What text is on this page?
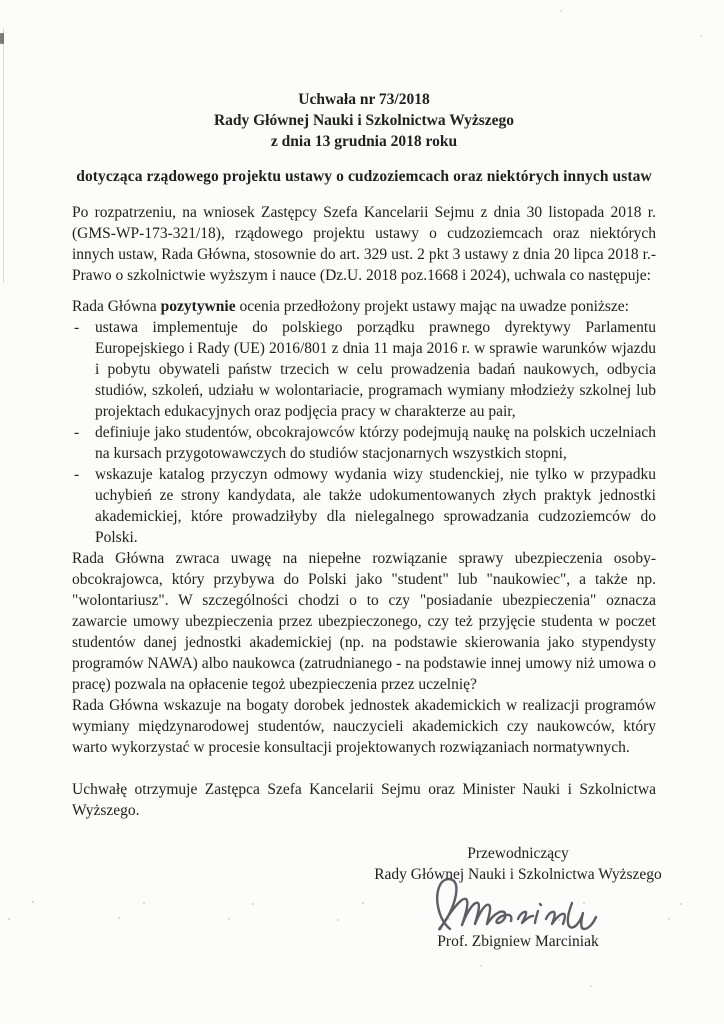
Uchwała nr 73/2018
Rady Głównej Nauki i Szkolnictwa Wyższego
z dnia 13 grudnia 2018 roku
dotycząca rządowego projektu ustawy o cudzoziemcach oraz niektórych innych ustaw

Po rozpatrzeniu, na wniosek Zastępcy Szefa Kancelarii Sejmu z dnia 30 listopada 2018 r. (GMS-WP-173-321/18), rządowego projektu ustawy o cudzoziemcach oraz niektórych innych ustaw, Rada Główna, stosownie do art. 329 ust. 2 pkt 3 ustawy z dnia 20 lipca 2018 r.- Prawo o szkolnictwie wyższym i nauce (Dz.U. 2018 poz.1668 i 2024), uchwala co następuje:

Rada Główna pozytywnie ocenia przedłożony projekt ustawy mając na uwadze poniższe:

- ustawa implementuje do polskiego porządku prawnego dyrektywy Parlamentu Europejskiego i Rady (UE) 2016/801 z dnia 11 maja 2016 r. w sprawie warunków wjazdu i pobytu obywateli państw trzecich w celu prowadzenia badań naukowych, odbycia studiów, szkoleń, udziału w wolontariacie, programach wymiany młodzieży szkolnej lub projektach edukacyjnych oraz podjęcia pracy w charakterze au pair,
- definiuje jako studentów, obcokrajowców którzy podejmują naukę na polskich uczelniach na kursach przygotowawczych do studiów stacjonarnych wszystkich stopni,
- wskazuje katalog przyczyn odmowy wydania wizy studenckiej, nie tylko w przypadku uchybień ze strony kandydata, ale także udokumentowanych złych praktyk jednostki akademickiej, które prowadziłyby dla nielegalnego sprowadzania cudzoziemców do Polski.

Rada Główna zwraca uwagę na niepełne rozwiązanie sprawy ubezpieczenia osoby-obcokrajowca, który przybywa do Polski jako "student" lub "naukowiec", a także np. "wolontariusz". W szczególności chodzi o to czy "posiadanie ubezpieczenia" oznacza zawarcie umowy ubezpieczenia przez ubezpieczonego, czy też przyjęcie studenta w poczet studentów danej jednostki akademickiej (np. na podstawie skierowania jako stypendysty programów NAWA) albo naukowca (zatrudnianego - na podstawie innej umowy niż umowa o pracę) pozwala na opłacenie tegoż ubezpieczenia przez uczelnię?

Rada Główna wskazuje na bogaty dorobek jednostek akademickich w realizacji programów wymiany międzynarodowej studentów, nauczycieli akademickich czy naukowców, który warto wykorzystać w procesie konsultacji projektowanych rozwiązaniach normatywnych.

Uchwałę otrzymuje Zastępca Szefa Kancelarii Sejmu oraz Minister Nauki i Szkolnictwa Wyższego.

Przewodniczący
Rady Głównej Nauki i Szkolnictwa Wyższego
Prof. Zbigniew Marciniak
